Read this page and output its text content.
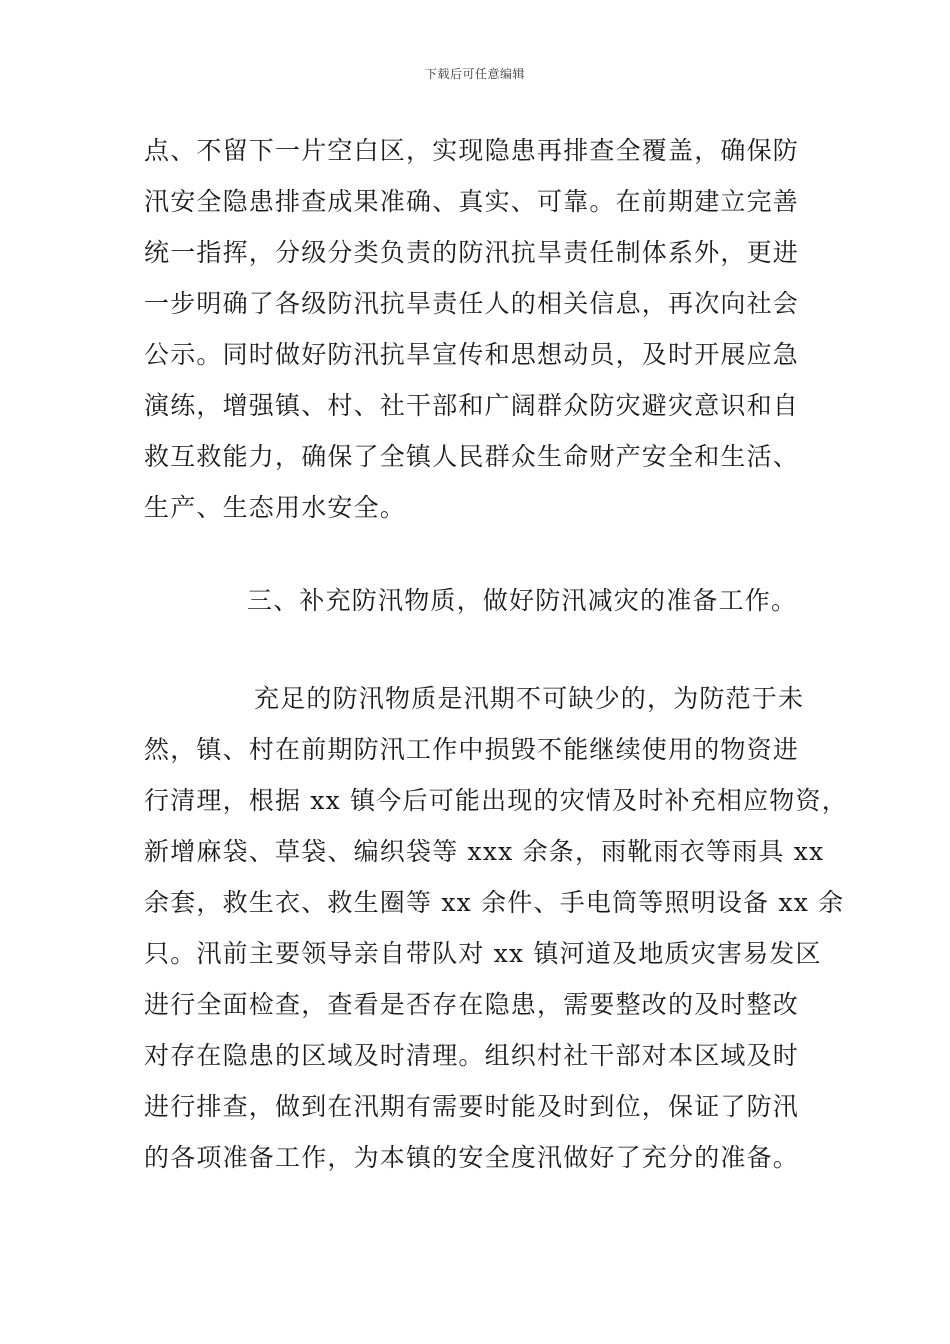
下载后可任意编辑
点、不留下一片空白区，实现隐患再排查全覆盖，确保防
汛安全隐患排查成果准确、真实、可靠。在前期建立完善
统一指挥，分级分类负责的防汛抗旱责任制体系外，更进
一步明确了各级防汛抗旱责任人的相关信息，再次向社会
公示。同时做好防汛抗旱宣传和思想动员，及时开展应急
演练，增强镇、村、社干部和广阔群众防灾避灾意识和自
救互救能力，确保了全镇人民群众生命财产安全和生活、
生产、生态用水安全。
三、补充防汛物质，做好防汛减灾的准备工作。
充足的防汛物质是汛期不可缺少的，为防范于未
然，镇、村在前期防汛工作中损毁不能继续使用的物资进
行清理，根据 xx 镇今后可能出现的灾情及时补充相应物资，
新增麻袋、草袋、编织袋等 xxx 余条，雨靴雨衣等雨具 xx
余套，救生衣、救生圈等 xx 余件、手电筒等照明设备 xx 余
只。汛前主要领导亲自带队对 xx 镇河道及地质灾害易发区
进行全面检查，查看是否存在隐患，需要整改的及时整改
对存在隐患的区域及时清理。组织村社干部对本区域及时
进行排查，做到在汛期有需要时能及时到位，保证了防汛
的各项准备工作，为本镇的安全度汛做好了充分的准备。
